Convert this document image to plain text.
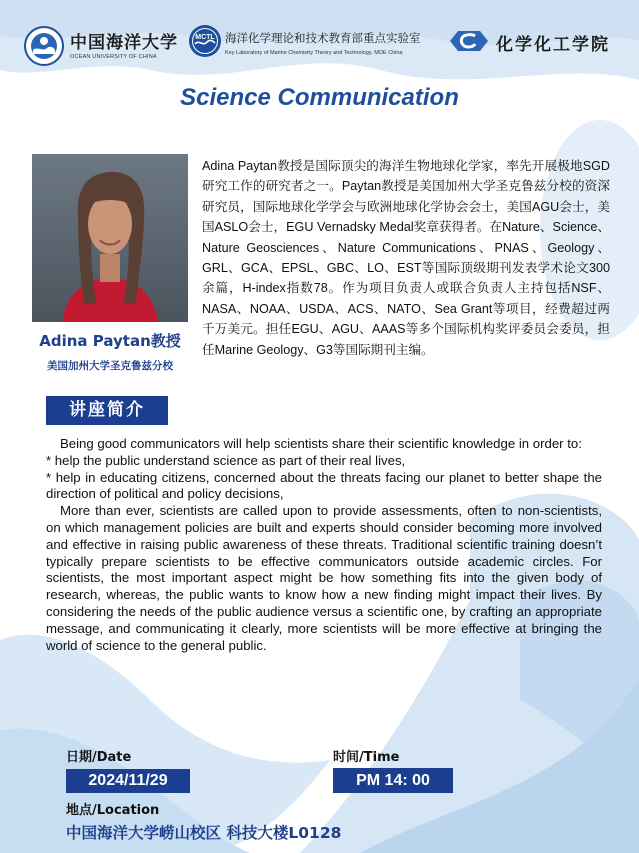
中国海洋大学
OCEAN UNIVERSITY OF CHINA
MCTL 海洋化学理论和技术教育部重点实验室
Key Laboratory of Marine Chemistry Theory and Technology, MOE China	化学化工学院
Science Communication
Adina Paytan教授
美国加州大学圣克鲁兹分校
Adina Paytan教授是国际顶尖的海洋生物地球化学家，率先开展极地SGD研究工作的研究者之一。Paytan教授是美国加州大学圣克鲁兹分校的资深研究员，国际地球化学学会与欧洲地球化学协会会士，美国AGU会士，美国ASLO会士，EGU Vernadsky Medal奖章获得者。在Nature、Science、Nature Geosciences、Nature Communications、PNAS、Geology、GRL、GCA、EPSL、GBC、LO、EST等国际顶级期刊发表学术论文300余篇，H-index指数78。作为项目负责人或联合负责人主持包括NSF、NASA、NOAA、USDA、ACS、NATO、Sea Grant等项目，经费超过两千万美元。担任EGU、AGU、AAAS等多个国际机构奖评委员会委员，担任Marine Geology、G3等国际期刊主编。
讲座简介

Being good communicators will help scientists share their scientific knowledge in order to:

* help the public understand science as part of their real lives,

* help in educating citizens, concerned about the threats facing our planet to better shape the direction of political and policy decisions,

More than ever, scientists are called upon to provide assessments, often to non-scientists, on which management policies are built and experts should consider becoming more involved and effective in raising public awareness of these threats. Traditional scientific training doesn’t typically prepare scientists to be effective communicators outside academic circles. For scientists, the most important aspect might be how something fits into the given body of research, whereas, the public wants to know how a new finding might impact their lives. By considering the needs of the public audience versus a scientific one, by crafting an appropriate message, and communicating it clearly, more scientists will be more effective at bringing the world of science to the general public.

日期/Date
2024/11/29
时间/Time
PM 14: 00
地点/Location
中国海洋大学崂山校区 科技大楼L0128
